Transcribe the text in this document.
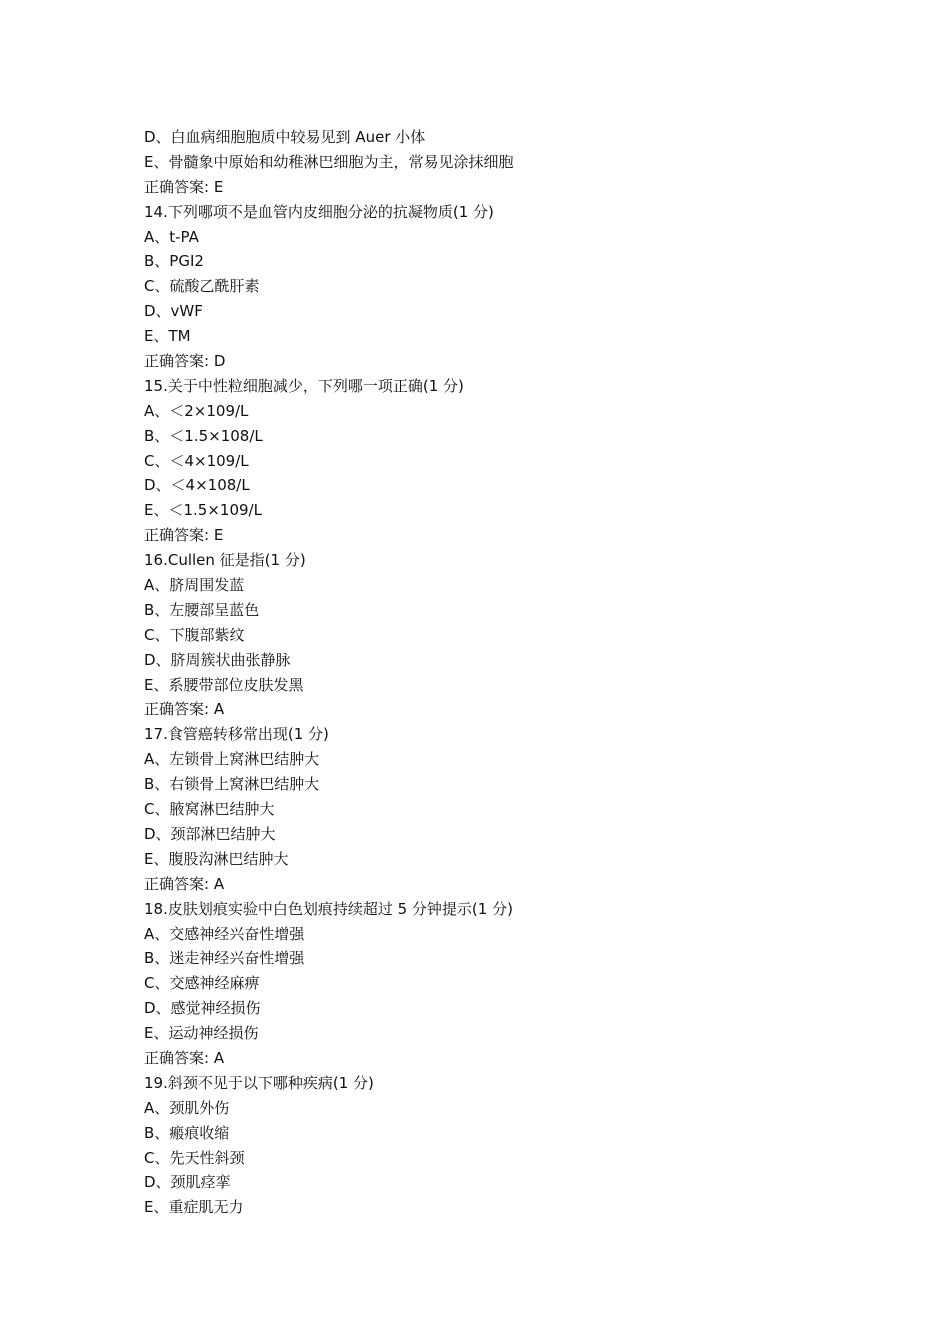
D、白血病细胞胞质中较易见到 Auer 小体
E、骨髓象中原始和幼稚淋巴细胞为主，常易见涂抹细胞
正确答案: E
14.下列哪项不是血管内皮细胞分泌的抗凝物质(1 分)
A、t-PA
B、PGI2
C、硫酸乙酰肝素
D、vWF
E、TM
正确答案: D
15.关于中性粒细胞减少，下列哪一项正确(1 分)
A、＜2×109/L
B、＜1.5×108/L
C、＜4×109/L
D、＜4×108/L
E、＜1.5×109/L
正确答案: E
16.Cullen 征是指(1 分)
A、脐周围发蓝
B、左腰部呈蓝色
C、下腹部紫纹
D、脐周簇状曲张静脉
E、系腰带部位皮肤发黑
正确答案: A
17.食管癌转移常出现(1 分)
A、左锁骨上窝淋巴结肿大
B、右锁骨上窝淋巴结肿大
C、腋窝淋巴结肿大
D、颈部淋巴结肿大
E、腹股沟淋巴结肿大
正确答案: A
18.皮肤划痕实验中白色划痕持续超过 5 分钟提示(1 分)
A、交感神经兴奋性增强
B、迷走神经兴奋性增强
C、交感神经麻痹
D、感觉神经损伤
E、运动神经损伤
正确答案: A
19.斜颈不见于以下哪种疾病(1 分)
A、颈肌外伤
B、瘢痕收缩
C、先天性斜颈
D、颈肌痉挛
E、重症肌无力
